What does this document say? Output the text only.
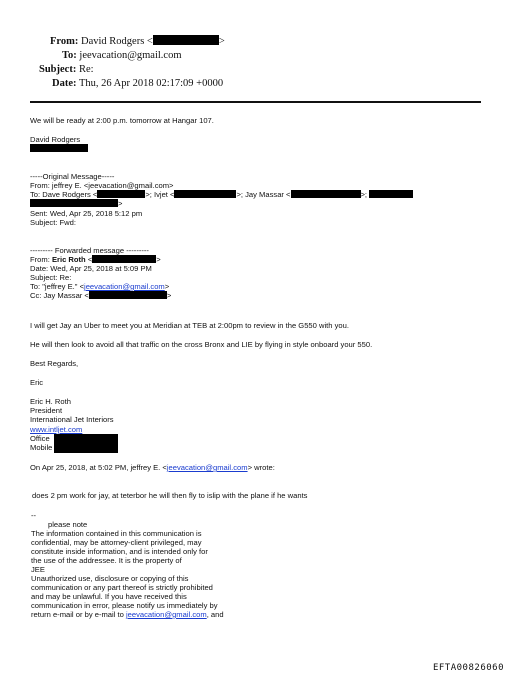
From: David Rodgers <	>
To: jeevacation@gmail.com
Subject: Re:
Date: Thu, 26 Apr 2018 02:17:09 +0000
We will be ready at 2:00 p.m. tomorrow at Hangar 107.
David Rodgers
-----Original Message-----
From: jeffrey E. <jeevacation@gmail.com>
To: Dave Rodgers <	>; Ivjet <	>; Jay Massar <	>;
>
Sent: Wed, Apr 25, 2018 5:12 pm
Subject: Fwd:
--------- Forwarded message ---------
From: Eric Roth <	>
Date: Wed, Apr 25, 2018 at 5:09 PM
Subject: Re:
To: "jeffrey E." <jeevacation@gmail.com>
Cc: Jay Massar <	>
I will get Jay an Uber to meet you at Meridian at TEB at 2:00pm to review in the G550 with you.
He will then look to avoid all that traffic on the cross Bronx and LIE by flying in style onboard your 550.
Best Regards,
Eric
Eric H. Roth
President
International Jet Interiors
www.intljet.com
Office
Mobile
On Apr 25, 2018, at 5:02 PM, jeffrey E. <jeevacation@gmail.com> wrote:
does 2 pm work for jay, at teterbor he will then fly to islip with the plane if he wants
--
please note
The information contained in this communication is
confidential, may be attorney-client privileged, may
constitute inside information, and is intended only for
the use of the addressee. It is the property of
JEE
Unauthorized use, disclosure or copying of this
communication or any part thereof is strictly prohibited
and may be unlawful. If you have received this
communication in error, please notify us immediately by
return e-mail or by e-mail to jeevacation@gmail.com, and
EFTA00826060
